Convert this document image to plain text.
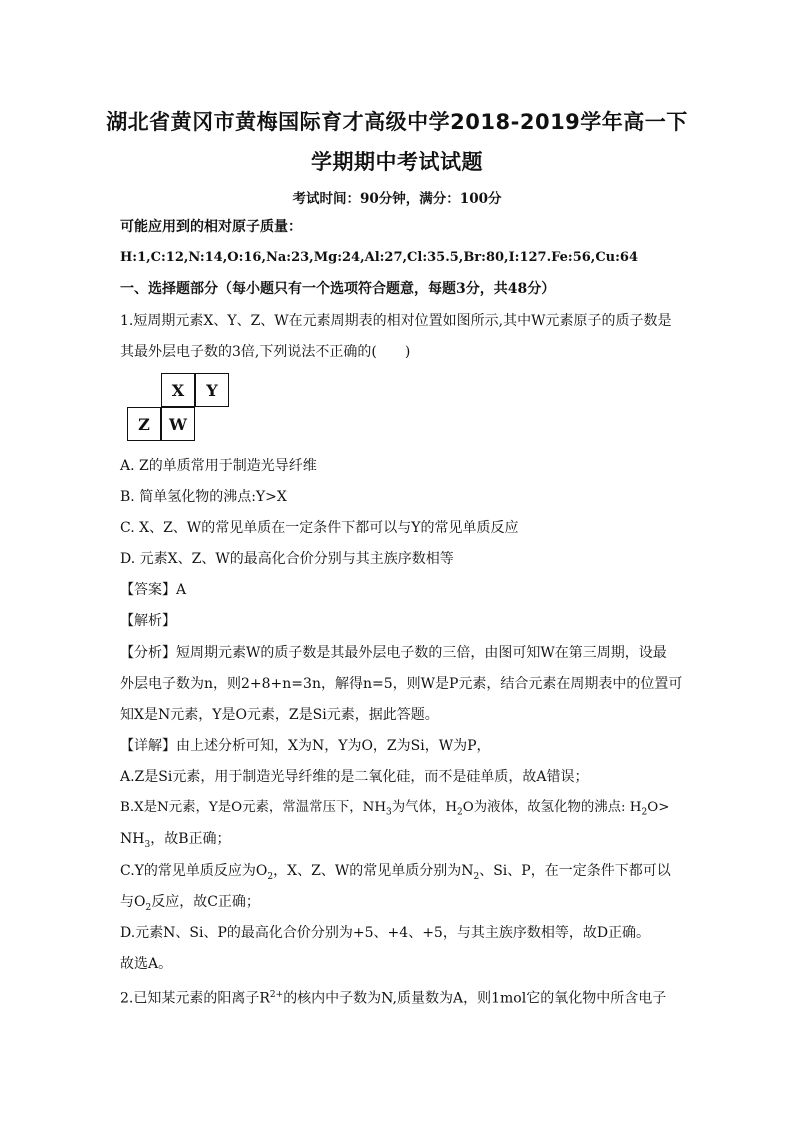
湖北省黄冈市黄梅国际育才高级中学2018-2019学年高一下
学期期中考试试题
考试时间：90分钟，满分：100分
可能应用到的相对原子质量：
H:1,C:12,N:14,O:16,Na:23,Mg:24,Al:27,Cl:35.5,Br:80,I:127.Fe:56,Cu:64
一、选择题部分（每小题只有一个选项符合题意，每题3分，共48分）
1.短周期元素X、Y、Z、W在元素周期表的相对位置如图所示,其中W元素原子的质子数是
其最外层电子数的3倍,下列说法不正确的(　　)
X	Y
Z	W
A. Z的单质常用于制造光导纤维
B. 简单氢化物的沸点:Y>X
C. X、Z、W的常见单质在一定条件下都可以与Y的常见单质反应
D. 元素X、Z、W的最高化合价分别与其主族序数相等
【答案】A
【解析】
【分析】短周期元素W的质子数是其最外层电子数的三倍，由图可知W在第三周期，设最
外层电子数为n，则2+8+n=3n，解得n=5，则W是P元素，结合元素在周期表中的位置可
知X是N元素，Y是O元素，Z是Si元素，据此答题。
【详解】由上述分析可知，X为N，Y为O，Z为Si，W为P，
A.Z是Si元素，用于制造光导纤维的是二氧化硅，而不是硅单质，故A错误；
B.X是N元素，Y是O元素，常温常压下，$NH_3$为气体，$H_2O$为液体，故氢化物的沸点: $H_2O>$
$NH_3$，故B正确；
C.Y的常见单质反应为$O_2$，X、Z、W的常见单质分别为$N_2$、Si、P，在一定条件下都可以
与$O_2$反应，故C正确；
D.元素N、Si、P的最高化合价分别为+5、+4、+5，与其主族序数相等，故D正确。
故选A。
2.已知某元素的阳离子$R^{2+}$的核内中子数为N,质量数为A，则1mol它的氧化物中所含电子
